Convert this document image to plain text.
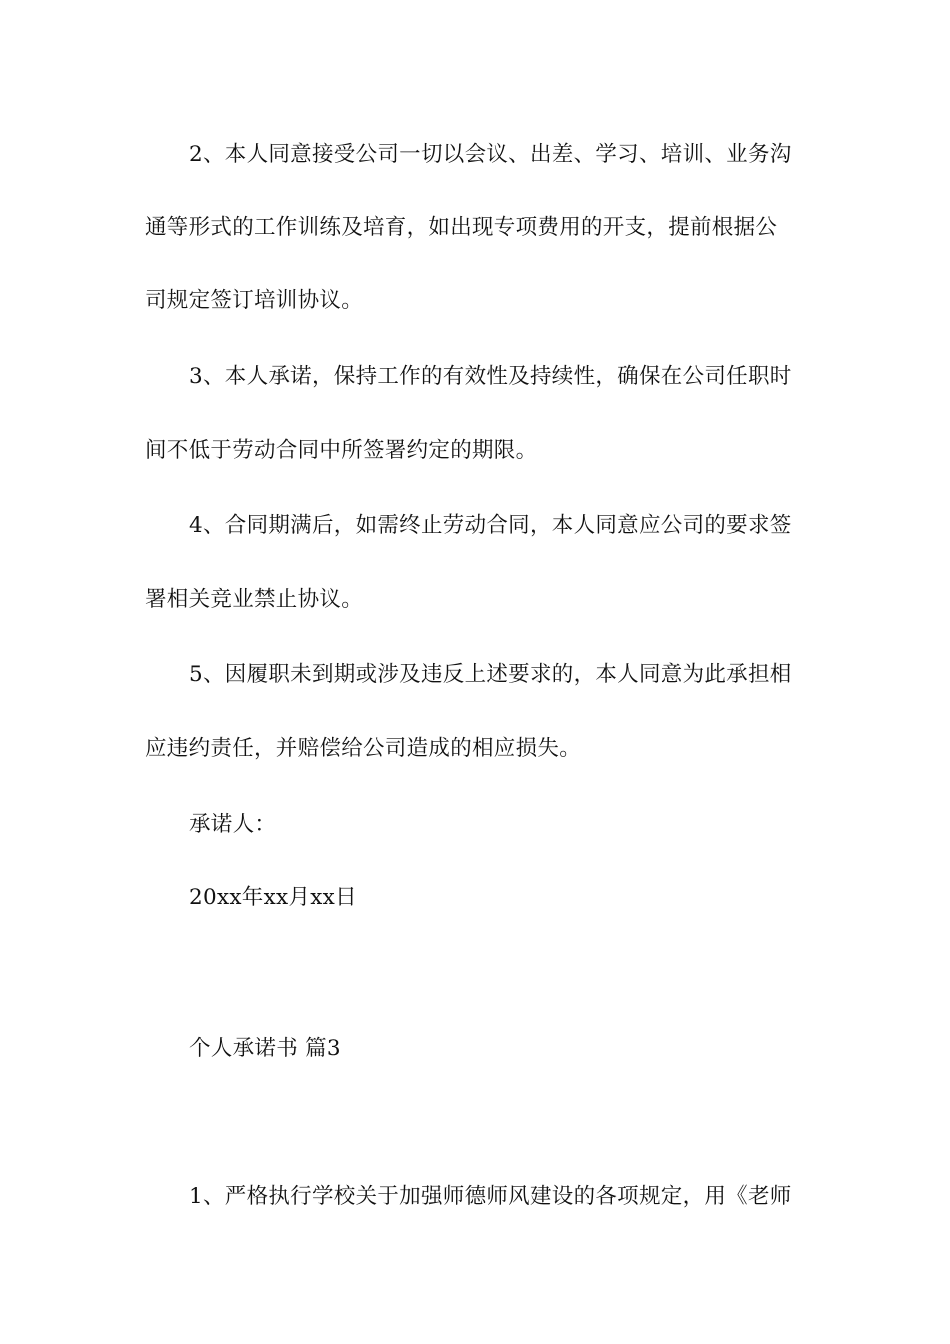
2、本人同意接受公司一切以会议、出差、学习、培训、业务沟
通等形式的工作训练及培育，如出现专项费用的开支，提前根据公
司规定签订培训协议。
3、本人承诺，保持工作的有效性及持续性，确保在公司任职时
间不低于劳动合同中所签署约定的期限。
4、合同期满后，如需终止劳动合同，本人同意应公司的要求签
署相关竞业禁止协议。
5、因履职未到期或涉及违反上述要求的，本人同意为此承担相
应违约责任，并赔偿给公司造成的相应损失。
承诺人：
20xx年xx月xx日
个人承诺书 篇3
1、严格执行学校关于加强师德师风建设的各项规定，用《老师
